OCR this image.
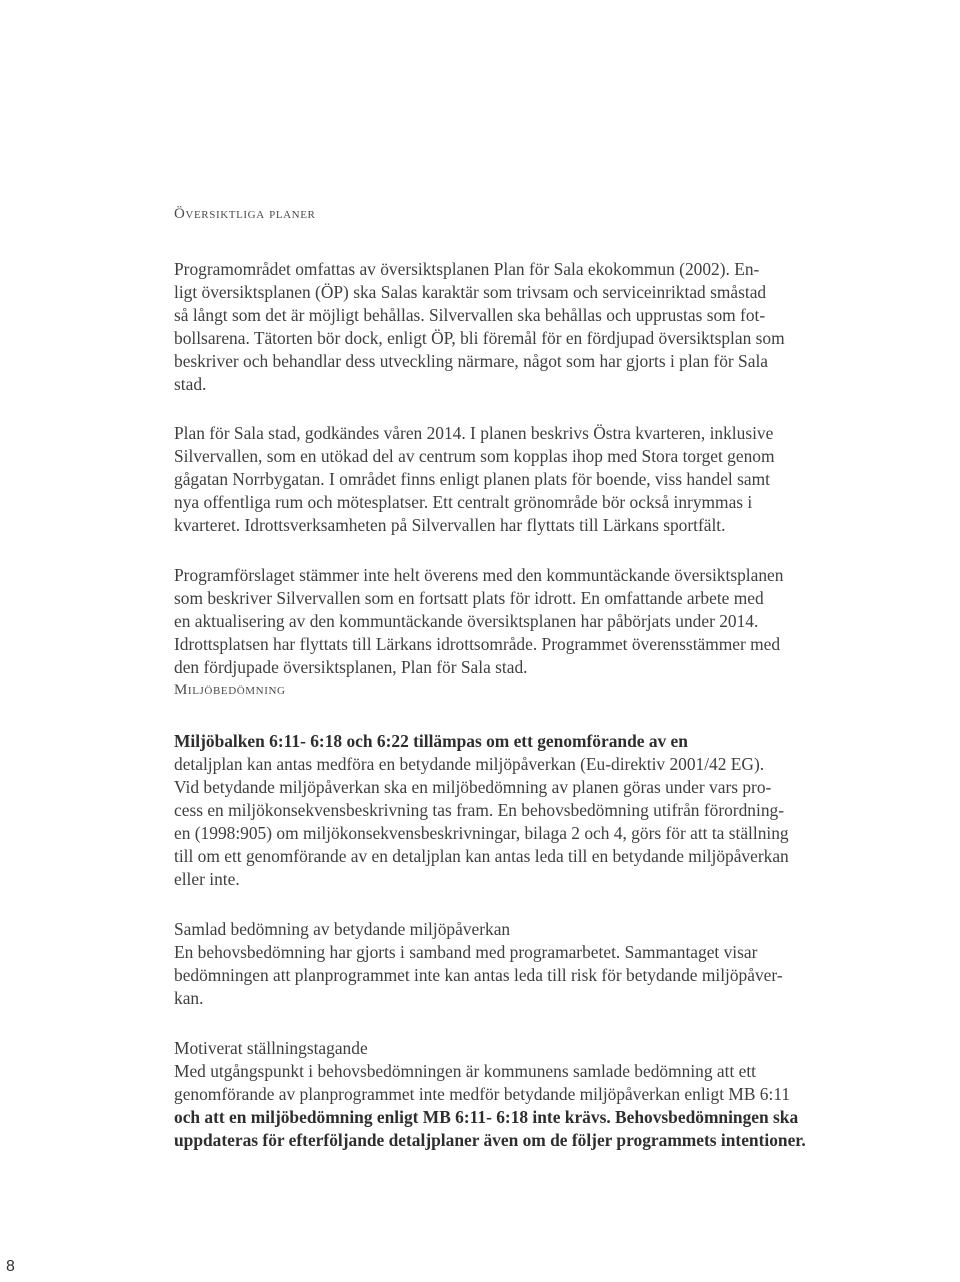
Översiktliga planer
Programområdet omfattas av översiktsplanen Plan för Sala ekokommun (2002). En-
ligt översiktsplanen (ÖP) ska Salas karaktär som trivsam och serviceinriktad småstad
så långt som det är möjligt behållas. Silvervallen ska behållas och upprustas som fot-
bollsarena. Tätorten bör dock, enligt ÖP, bli föremål för en fördjupad översiktsplan som
beskriver och behandlar dess utveckling närmare, något som har gjorts i plan för Sala
stad.
Plan för Sala stad, godkändes våren 2014. I planen beskrivs Östra kvarteren, inklusive
Silvervallen, som en utökad del av centrum som kopplas ihop med Stora torget genom
gågatan Norrbygatan. I området finns enligt planen plats för boende, viss handel samt
nya offentliga rum och mötesplatser. Ett centralt grönområde bör också inrymmas i
kvarteret. Idrottsverksamheten på Silvervallen har flyttats till Lärkans sportfält.
Programförslaget stämmer inte helt överens med den kommuntäckande översiktsplanen
som beskriver Silvervallen som en fortsatt plats för idrott. En omfattande arbete med
en aktualisering av den kommuntäckande översiktsplanen har påbörjats under 2014.
Idrottsplatsen har flyttats till Lärkans idrottsområde. Programmet överensstämmer med
den fördjupade översiktsplanen, Plan för Sala stad.
Miljöbedömning
Miljöbalken 6:11- 6:18 och 6:22 tillämpas om ett genomförande av en
detaljplan kan antas medföra en betydande miljöpåverkan (Eu-direktiv 2001/42 EG).
Vid betydande miljöpåverkan ska en miljöbedömning av planen göras under vars pro-
cess en miljökonsekvensbeskrivning tas fram. En behovsbedömning utifrån förordning-
en (1998:905) om miljökonsekvensbeskrivningar, bilaga 2 och 4, görs för att ta ställning
till om ett genomförande av en detaljplan kan antas leda till en betydande miljöpåverkan
eller inte.
Samlad bedömning av betydande miljöpåverkan
En behovsbedömning har gjorts i samband med programarbetet. Sammantaget visar
bedömningen att planprogrammet inte kan antas leda till risk för betydande miljöpåver-
kan.
Motiverat ställningstagande
Med utgångspunkt i behovsbedömningen är kommunens samlade bedömning att ett
genomförande av planprogrammet inte medför betydande miljöpåverkan enligt MB 6:11
och att en miljöbedömning enligt MB 6:11- 6:18 inte krävs. Behovsbedömningen ska
uppdateras för efterföljande detaljplaner även om de följer programmets intentioner.
8
